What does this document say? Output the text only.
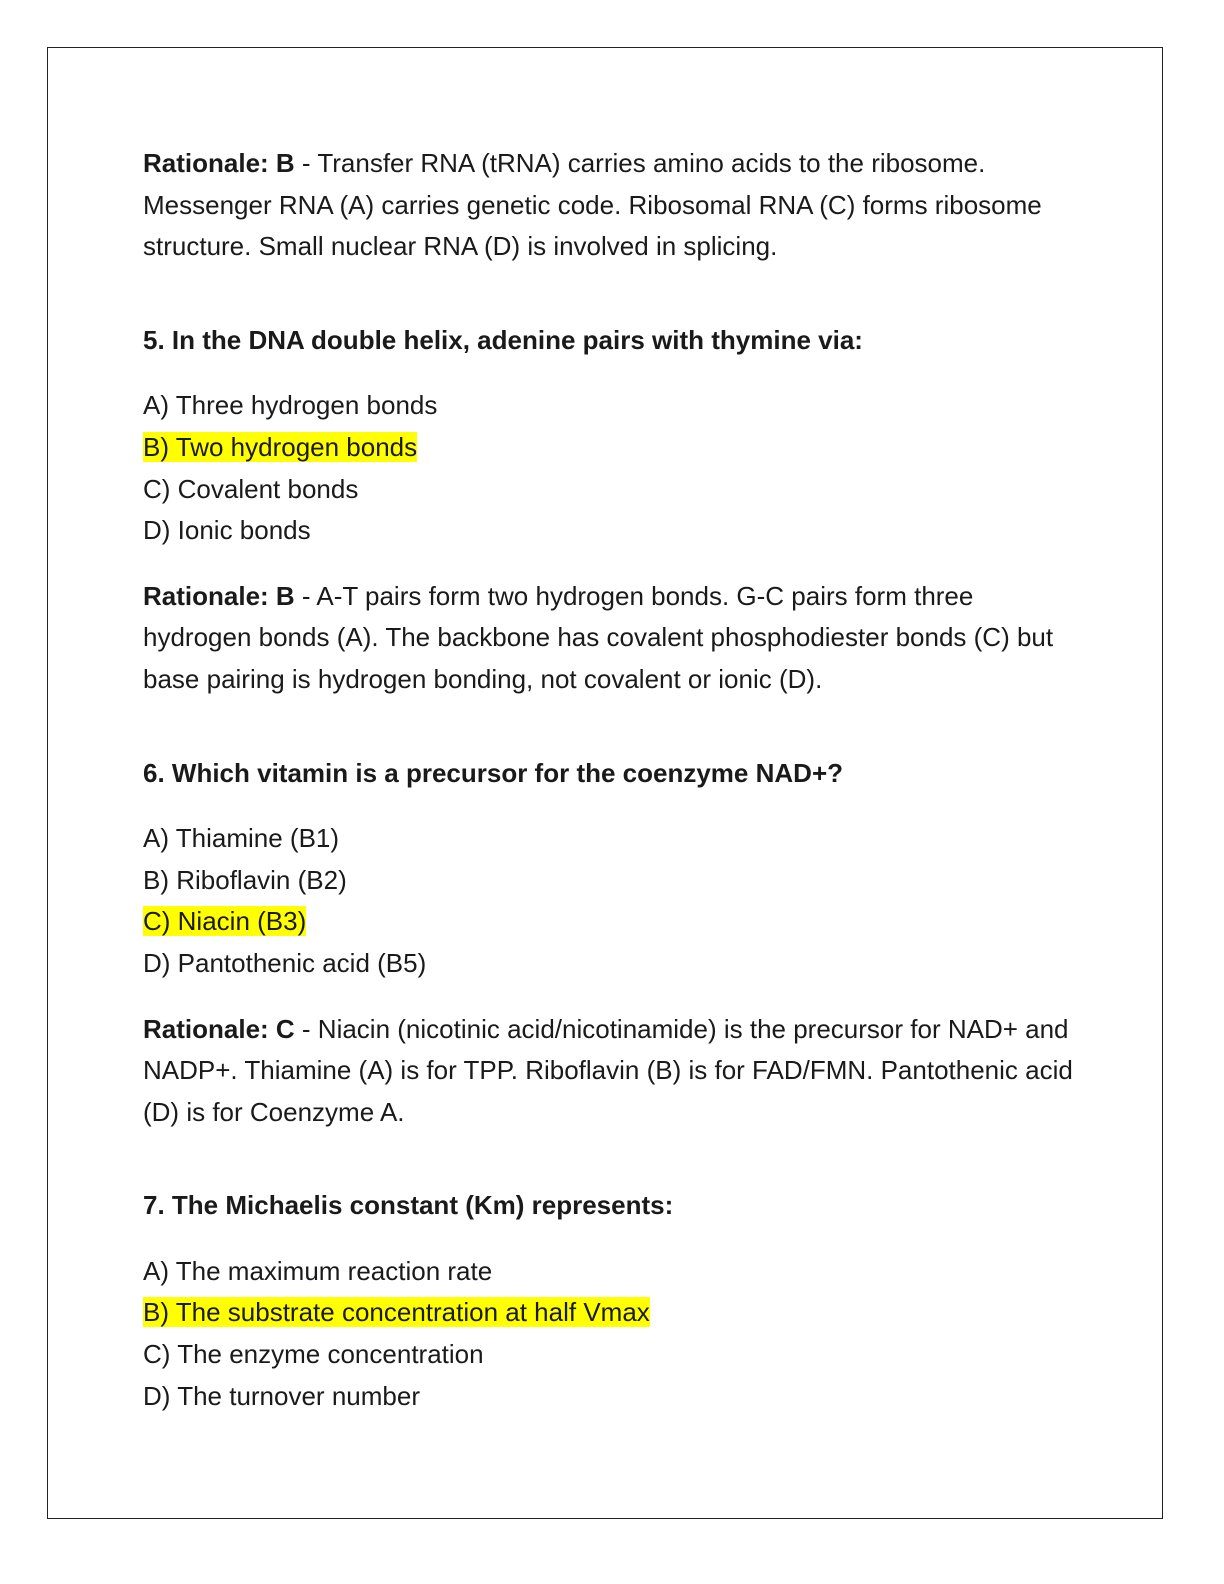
Rationale: B - Transfer RNA (tRNA) carries amino acids to the ribosome. Messenger RNA (A) carries genetic code. Ribosomal RNA (C) forms ribosome structure. Small nuclear RNA (D) is involved in splicing.

5. In the DNA double helix, adenine pairs with thymine via:

A) Three hydrogen bonds
B) Two hydrogen bonds
C) Covalent bonds
D) Ionic bonds

Rationale: B - A-T pairs form two hydrogen bonds. G-C pairs form three hydrogen bonds (A). The backbone has covalent phosphodiester bonds (C) but base pairing is hydrogen bonding, not covalent or ionic (D).

6. Which vitamin is a precursor for the coenzyme NAD+?

A) Thiamine (B1)
B) Riboflavin (B2)
C) Niacin (B3)
D) Pantothenic acid (B5)

Rationale: C - Niacin (nicotinic acid/nicotinamide) is the precursor for NAD+ and NADP+. Thiamine (A) is for TPP. Riboflavin (B) is for FAD/FMN. Pantothenic acid (D) is for Coenzyme A.

7. The Michaelis constant (Km) represents:

A) The maximum reaction rate
B) The substrate concentration at half Vmax
C) The enzyme concentration
D) The turnover number
